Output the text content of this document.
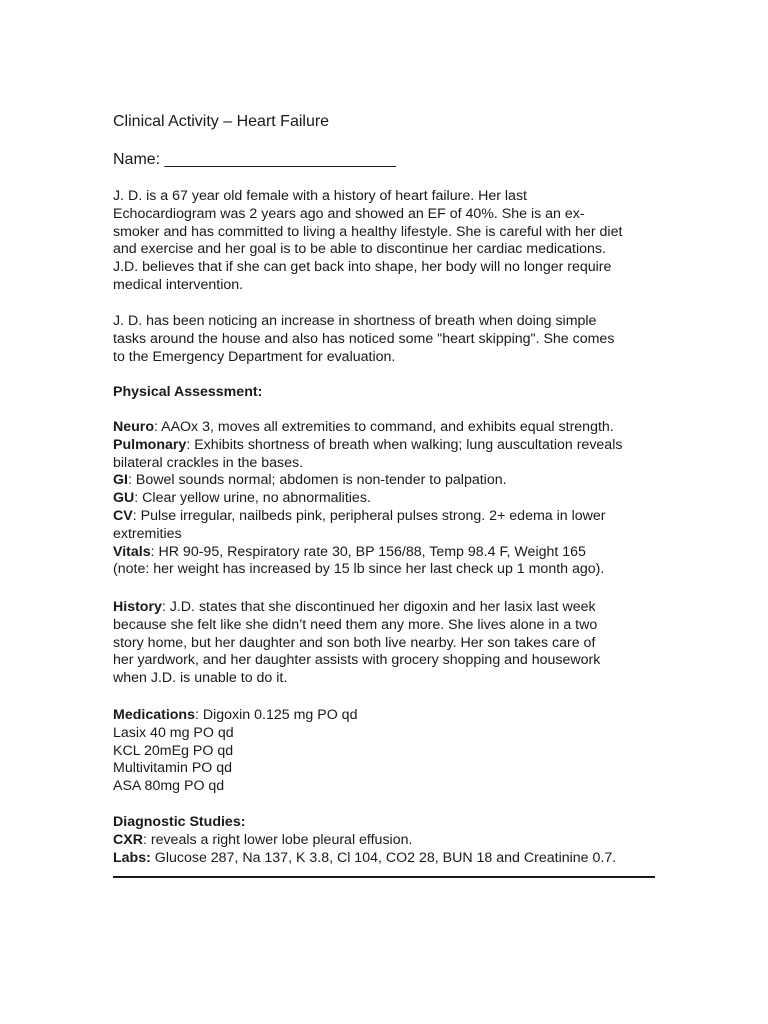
Clinical Activity – Heart Failure
Name: __________________________
J. D. is a 67 year old female with a history of heart failure. Her last
Echocardiogram was 2 years ago and showed an EF of 40%. She is an ex-
smoker and has committed to living a healthy lifestyle. She is careful with her diet
and exercise and her goal is to be able to discontinue her cardiac medications.
J.D. believes that if she can get back into shape, her body will no longer require
medical intervention.
J. D. has been noticing an increase in shortness of breath when doing simple
tasks around the house and also has noticed some "heart skipping". She comes
to the Emergency Department for evaluation.
Physical Assessment:
Neuro: AAOx 3, moves all extremities to command, and exhibits equal strength.
Pulmonary: Exhibits shortness of breath when walking; lung auscultation reveals
bilateral crackles in the bases.
GI: Bowel sounds normal; abdomen is non-tender to palpation.
GU: Clear yellow urine, no abnormalities.
CV: Pulse irregular, nailbeds pink, peripheral pulses strong. 2+ edema in lower
extremities
Vitals: HR 90-95, Respiratory rate 30, BP 156/88, Temp 98.4 F, Weight 165
(note: her weight has increased by 15 lb since her last check up 1 month ago).
History: J.D. states that she discontinued her digoxin and her lasix last week
because she felt like she didn’t need them any more. She lives alone in a two
story home, but her daughter and son both live nearby. Her son takes care of
her yardwork, and her daughter assists with grocery shopping and housework
when J.D. is unable to do it.
Medications: Digoxin 0.125 mg PO qd
Lasix 40 mg PO qd
KCL 20mEg PO qd
Multivitamin PO qd
ASA 80mg PO qd
Diagnostic Studies:
CXR: reveals a right lower lobe pleural effusion.
Labs: Glucose 287, Na 137, K 3.8, Cl 104, CO2 28, BUN 18 and Creatinine 0.7.
